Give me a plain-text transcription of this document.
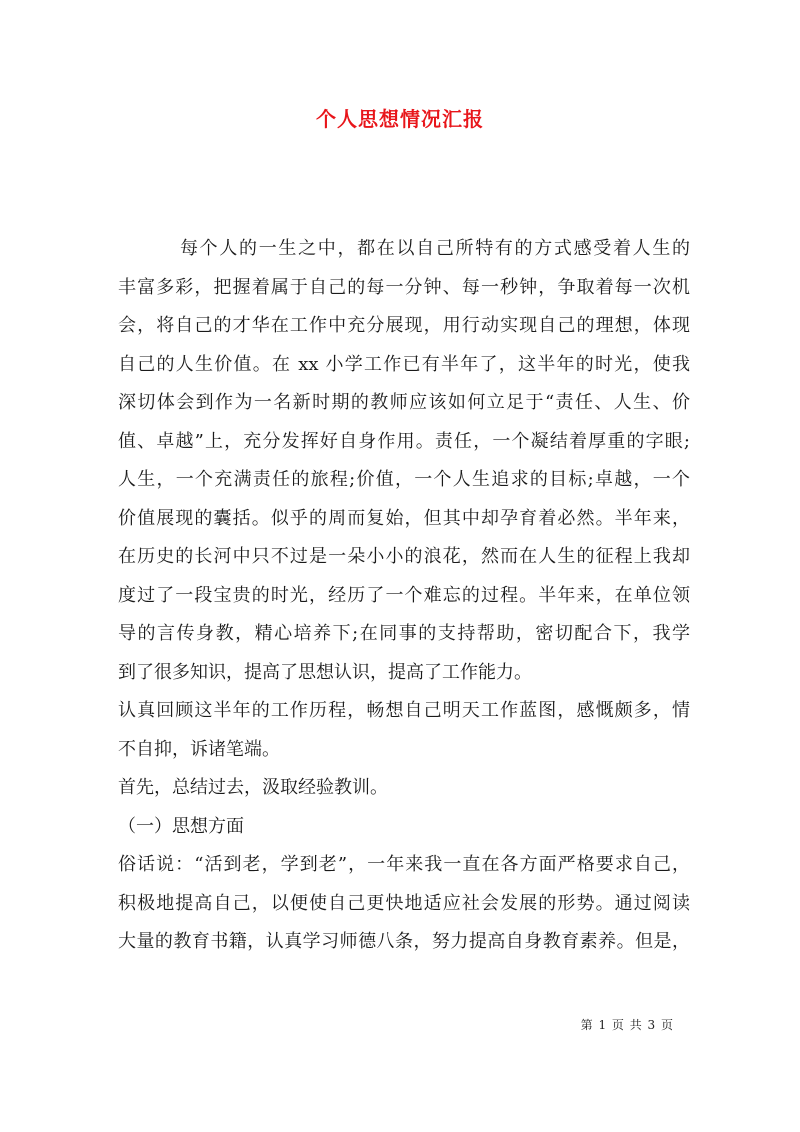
个人思想情况汇报
每个人的一生之中，都在以自己所特有的方式感受着人生的
丰富多彩，把握着属于自己的每一分钟、每一秒钟，争取着每一次机
会，将自己的才华在工作中充分展现，用行动实现自己的理想，体现
自己的人生价值。在 xx 小学工作已有半年了，这半年的时光，使我
深切体会到作为一名新时期的教师应该如何立足于“责任、人生、价
值、卓越”上，充分发挥好自身作用。责任，一个凝结着厚重的字眼;
人生，一个充满责任的旅程;价值，一个人生追求的目标;卓越，一个
价值展现的囊括。似乎的周而复始，但其中却孕育着必然。半年来，
在历史的长河中只不过是一朵小小的浪花，然而在人生的征程上我却
度过了一段宝贵的时光，经历了一个难忘的过程。半年来，在单位领
导的言传身教，精心培养下;在同事的支持帮助，密切配合下，我学
到了很多知识，提高了思想认识，提高了工作能力。
认真回顾这半年的工作历程，畅想自己明天工作蓝图，感慨颇多，情
不自抑，诉诸笔端。
首先，总结过去，汲取经验教训。
（一）思想方面
俗话说：“活到老，学到老”，一年来我一直在各方面严格要求自己，
积极地提高自己，以便使自己更快地适应社会发展的形势。通过阅读
大量的教育书籍，认真学习师德八条，努力提高自身教育素养。但是，
第 1 页 共 3 页
